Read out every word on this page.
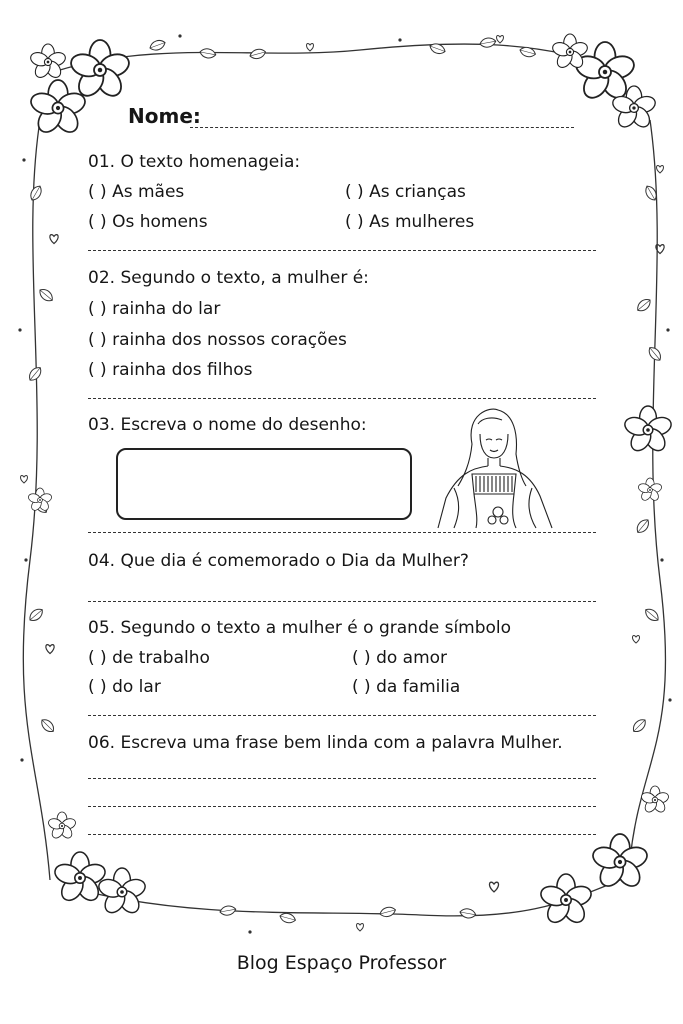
Nome:
01. O texto homenageia:
( ) As mães	( ) As crianças
( ) Os homens	( ) As mulheres
02. Segundo o texto, a mulher é:
( ) rainha do lar
( ) rainha dos nossos corações
( ) rainha dos filhos
03. Escreva o nome do desenho:
04. Que dia é comemorado o Dia da Mulher?
05. Segundo o texto a mulher é o grande símbolo
( ) de trabalho	( ) do amor
( ) do lar	( ) da familia
06. Escreva uma frase bem linda com a palavra Mulher.
Blog Espaço Professor
